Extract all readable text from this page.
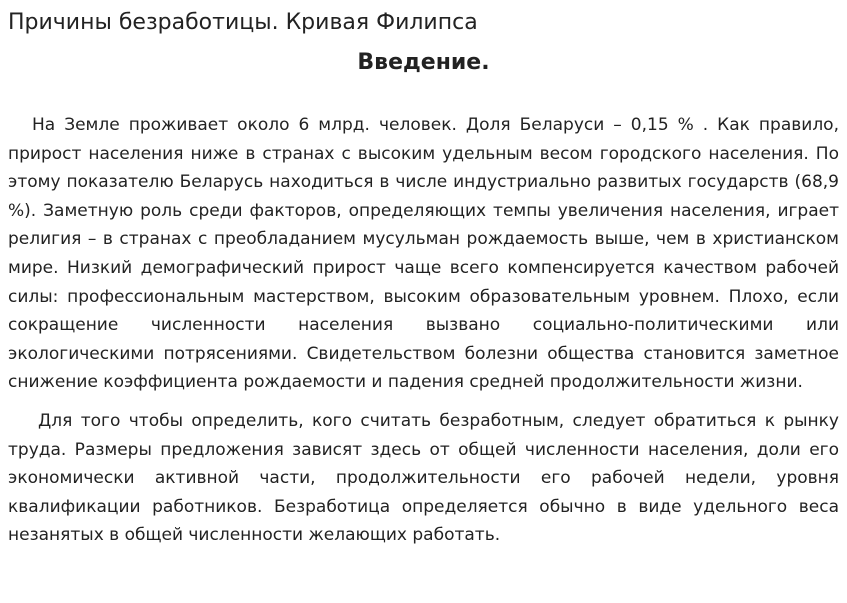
Причины безработицы. Кривая Филипса
Введение.

На Земле проживает около 6 млрд. человек. Доля Беларуси – 0,15 % . Как правило, прирост населения ниже в странах с высоким удельным весом городского населения. По этому показателю Беларусь находиться в числе индустриально развитых государств (68,9 %). Заметную роль среди факторов, определяющих темпы увеличения населения, играет религия – в странах с преобладанием мусульман рождаемость выше, чем в христианском мире. Низкий демографический прирост чаще всего компенсируется качеством рабочей силы: профессиональным мастерством, высоким образовательным уровнем. Плохо, если сокращение численности населения вызвано социально-политическими или экологическими потрясениями. Свидетельством болезни общества становится заметное снижение коэффициента рождаемости и падения средней продолжительности жизни.

Для того чтобы определить, кого считать безработным, следует обратиться к рынку труда. Размеры предложения зависят здесь от общей численности населения, доли его экономически активной части, продолжительности его рабочей недели, уровня квалификации работников. Безработица определяется обычно в виде удельного веса незанятых в общей численности желающих работать.
